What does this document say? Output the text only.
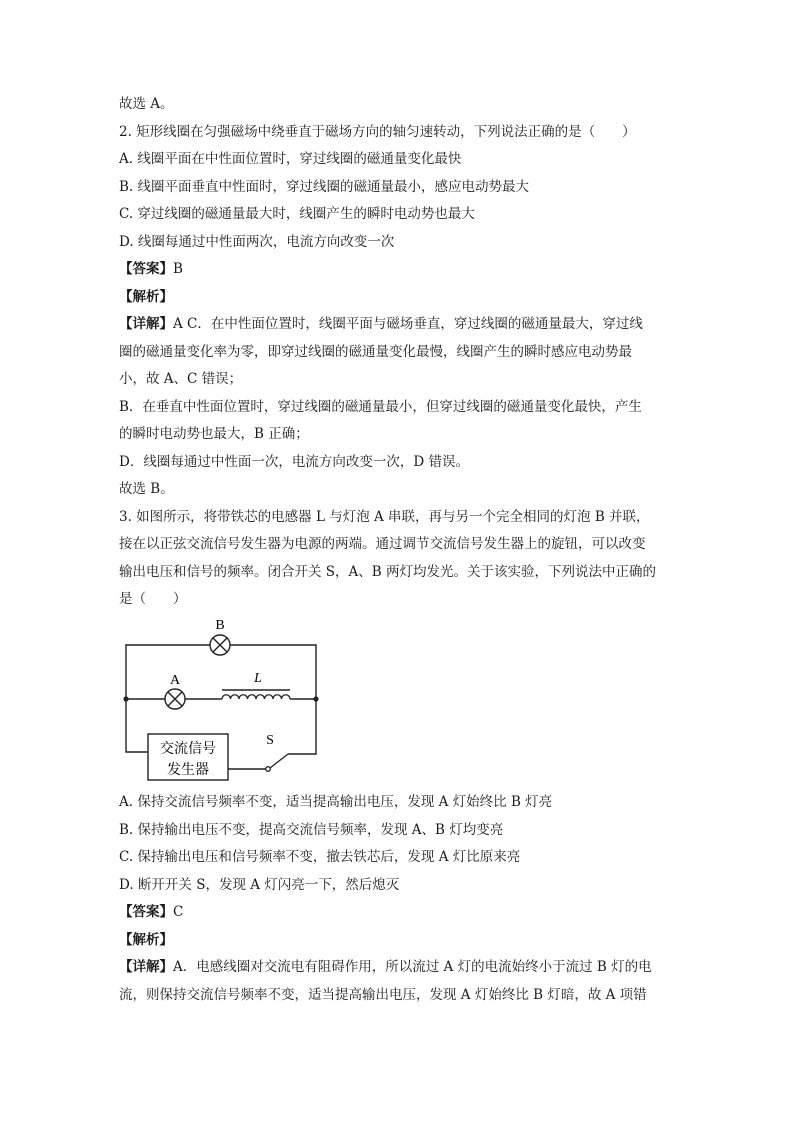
故选 A。
2. 矩形线圈在匀强磁场中绕垂直于磁场方向的轴匀速转动，下列说法正确的是（　　）
A. 线圈平面在中性面位置时，穿过线圈的磁通量变化最快
B. 线圈平面垂直中性面时，穿过线圈的磁通量最小，感应电动势最大
C. 穿过线圈的磁通量最大时，线圈产生的瞬时电动势也最大
D. 线圈每通过中性面两次，电流方向改变一次
【答案】B
【解析】
【详解】A C．在中性面位置时，线圈平面与磁场垂直，穿过线圈的磁通量最大，穿过线
圈的磁通量变化率为零，即穿过线圈的磁通量变化最慢，线圈产生的瞬时感应电动势最
小，故 A、C 错误；
B．在垂直中性面位置时，穿过线圈的磁通量最小，但穿过线圈的磁通量变化最快，产生
的瞬时电动势也最大，B 正确；
D．线圈每通过中性面一次，电流方向改变一次，D 错误。
故选 B。
3. 如图所示，将带铁芯的电感器 L 与灯泡 A 串联，再与另一个完全相同的灯泡 B 并联，
接在以正弦交流信号发生器为电源的两端。通过调节交流信号发生器上的旋钮，可以改变
输出电压和信号的频率。闭合开关 S，A、B 两灯均发光。关于该实验，下列说法中正确的
是（　　）
B
A	L
交流信号
发生器
S
A. 保持交流信号频率不变，适当提高输出电压，发现 A 灯始终比 B 灯亮
B. 保持输出电压不变，提高交流信号频率，发现 A、B 灯均变亮
C. 保持输出电压和信号频率不变，撤去铁芯后，发现 A 灯比原来亮
D. 断开开关 S，发现 A 灯闪亮一下，然后熄灭
【答案】C
【解析】
【详解】A．电感线圈对交流电有阻碍作用，所以流过 A 灯的电流始终小于流过 B 灯的电
流，则保持交流信号频率不变，适当提高输出电压，发现 A 灯始终比 B 灯暗，故 A 项错
